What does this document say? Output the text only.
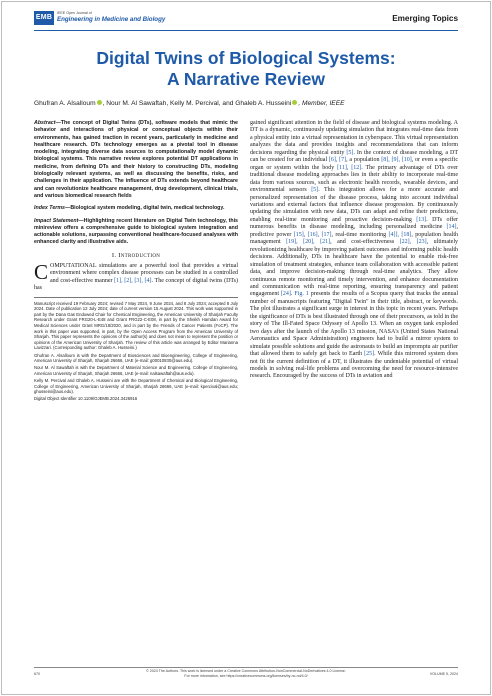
EMB
IEEE Open Journal of
Engineering in Medicine and Biology	Emerging Topics
Digital Twins of Biological Systems:
A Narrative Review
Ghufran A. Alsalloum , Nour M. Al Sawaftah, Kelly M. Percival, and Ghaleb A. Husseini , Member, IEEE

Abstract—The concept of Digital Twins (DTs), software models that mimic the behavior and interactions of physical or conceptual objects within their environments, has gained traction in recent years, particularly in medicine and healthcare research. DTs technology emerges as a pivotal tool in disease modeling, integrating diverse data sources to computationally model dynamic biological systems. This narrative review explores potential DT applications in medicine, from defining DTs and their history to constructing DTs, modeling biologically relevant systems, as well as discussing the benefits, risks, and challenges in their application. The influence of DTs extends beyond healthcare and can revolutionize healthcare management, drug development, clinical trials, and various biomedical research fields

Index Terms—Biological system modeling, digital twin, medical technology.

Impact Statement—Highlighting recent literature on Digital Twin technology, this minireview offers a comprehensive guide to biological system integration and actionable solutions, surpassing conventional healthcare-focused analyses with enhanced clarity and illustrative aids.

I. Introduction

COMPUTATIONAL simulations are a powerful tool that provides a virtual environment where complex disease processes can be studied in a controlled and cost-effective manner [1], [2], [3], [4]. The concept of digital twins (DTs) has

Manuscript received 19 February 2024; revised 7 May 2024, 9 June 2024, and 8 July 2024; accepted 8 July 2024. Date of publication 12 July 2024; date of current version 15 August 2024. This work was supported in part by the Dana Gas Endowed Chair for Chemical Engineering, the American University of Sharjah Faculty Research under Grant FRG20-L-E48 and Grant FRG22-C-E08, in part by the Sheikh Hamdan Award for Medical Sciences under Grant MRG/18/2020, and in part by the Friends of Cancer Patients (FoCP). The work in this paper was supported, in part, by the Open Access Program from the American University of Sharjah. This paper represents the opinions of the author(s) and does not mean to represent the position or opinions of the American University of Sharjah. The review of this article was arranged by Editor Marianna Lavizzari. (Corresponding author: Ghaleb A. Husseini.)

Ghufran A. Alsalloum is with the Department of Biosciences and Bioengineering, College of Engineering, American University of Sharjah, Sharjah 26666, UAE (e-mail: g00010830@aus.edu).

Nour M. Al Sawaftah is with the Department of Material Science and Engineering, College of Engineering, American University of Sharjah, Sharjah 26666, UAE (e-mail: nalsawaftah@aus.edu).

Kelly M. Percival and Ghaleb A. Husseini are with the Department of Chemical and Biological Engineering, College of Engineering, American University of Sharjah, Sharjah 26666, UAE (e-mail: kpercival@aus.edu; ghusseini@aus.edu).

Digital Object Identifier 10.1109/OJEMB.2024.3426916

gained significant attention in the field of disease and biological systems modeling. A DT is a dynamic, continuously updating simulation that integrates real-time data from a physical entity into a virtual representation in cyberspace. This virtual representation analyzes the data and provides insights and recommendations that can inform decisions regarding the physical entity [5]. In the context of disease modeling, a DT can be created for an individual [6], [7], a population [8], [9], [10], or even a specific organ or system within the body [11], [12]. The primary advantage of DTs over traditional disease modeling approaches lies in their ability to incorporate real-time data from various sources, such as electronic health records, wearable devices, and environmental sensors [5]. This integration allows for a more accurate and personalized representation of the disease process, taking into account individual variations and external factors that influence disease progression. By continuously updating the simulation with new data, DTs can adapt and refine their predictions, enabling real-time monitoring and proactive decision-making [13]. DTs offer numerous benefits in disease modeling, including personalized medicine [14], predictive power [15], [16], [17], real-time monitoring [4]], [18], population health management [19], [20], [21], and cost-effectiveness [22], [23], ultimately revolutionizing healthcare by improving patient outcomes and informing public health decisions. Additionally, DTs in healthcare have the potential to enable risk-free simulation of treatment strategies, enhance team collaboration with accessible patient data, and improve decision-making through real-time analytics. They allow continuous remote monitoring and timely intervention, and enhance documentation and communication with real-time reporting, ensuring transparency and patient engagement [24]. Fig. 1 presents the results of a Scopus query that tracks the annual number of manuscripts featuring "Digital Twin" in their title, abstract, or keywords. The plot illustrates a significant surge in interest in this topic in recent years. Perhaps the significance of DTs is best illustrated through one of their precursors, as told in the story of The Ill-Fated Space Odyssey of Apollo 13. When an oxygen tank exploded two days after the launch of the Apollo 13 mission, NASA's (United States National Aeronautics and Space Administration) engineers had to build a mirror system to simulate possible solutions and guide the astronauts to build an impromptu air purifier that allowed them to safely get back to Earth [25]. While this mirrored system does not fit the current definition of a DT, it illustrates the undeniable potential of virtual models in solving real-life problems and overcoming the need for resource-intensive research. Encouraged by the success of DTs in aviation and

670
© 2024 The Authors. This work is licensed under a Creative Commons Attribution-NonCommercial-NoDerivatives 4.0 License.
For more information, see https://creativecommons.org/licenses/by-nc-nd/4.0/	VOLUME 5, 2024
